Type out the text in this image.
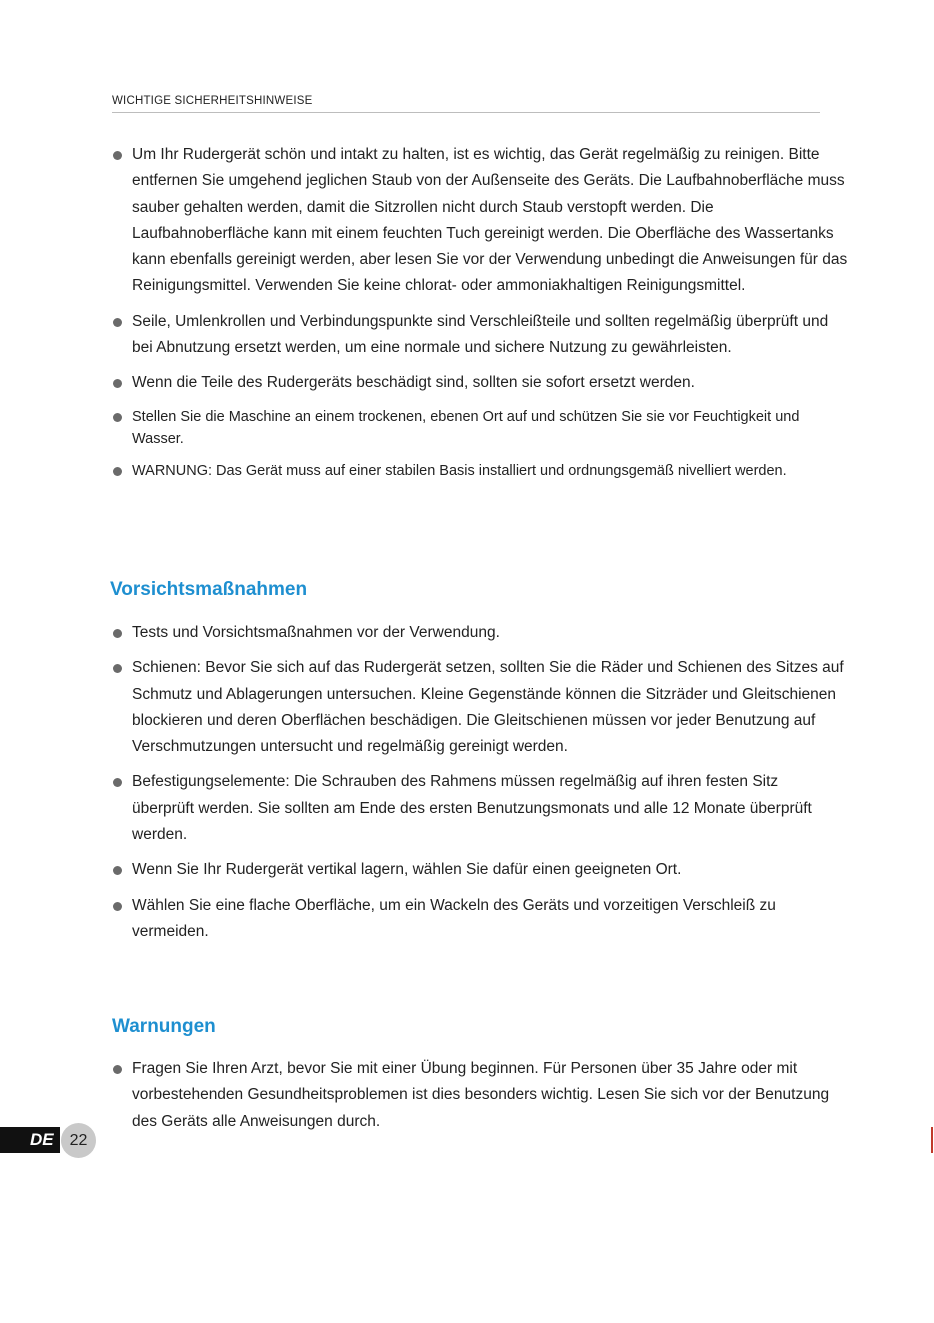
WICHTIGE SICHERHEITSHINWEISE
Um Ihr Rudergerät schön und intakt zu halten, ist es wichtig, das Gerät regelmäßig zu reinigen. Bitte entfernen Sie umgehend jeglichen Staub von der Außenseite des Geräts. Die Laufbahnoberfläche muss sauber gehalten werden, damit die Sitzrollen nicht durch Staub verstopft werden. Die Laufbahnoberfläche kann mit einem feuchten Tuch gereinigt werden. Die Oberfläche des Wassertanks kann ebenfalls gereinigt werden, aber lesen Sie vor der Verwendung unbedingt die Anweisungen für das Reinigungsmittel. Verwenden Sie keine chlorat- oder ammoniakhaltigen Reinigungsmittel.
Seile, Umlenkrollen und Verbindungspunkte sind Verschleißteile und sollten regelmäßig überprüft und bei Abnutzung ersetzt werden, um eine normale und sichere Nutzung zu gewährleisten.
Wenn die Teile des Rudergeräts beschädigt sind, sollten sie sofort ersetzt werden.
Stellen Sie die Maschine an einem trockenen, ebenen Ort auf und schützen Sie sie vor Feuchtigkeit und Wasser.
WARNUNG: Das Gerät muss auf einer stabilen Basis installiert und ordnungsgemäß nivelliert werden.
Vorsichtsmaßnahmen
Tests und Vorsichtsmaßnahmen vor der Verwendung.
Schienen: Bevor Sie sich auf das Rudergerät setzen, sollten Sie die Räder und Schienen des Sitzes auf Schmutz und Ablagerungen untersuchen. Kleine Gegenstände können die Sitzräder und Gleitschienen blockieren und deren Oberflächen beschädigen. Die Gleitschienen müssen vor jeder Benutzung auf Verschmutzungen untersucht und regelmäßig gereinigt werden.
Befestigungselemente: Die Schrauben des Rahmens müssen regelmäßig auf ihren festen Sitz überprüft werden. Sie sollten am Ende des ersten Benutzungsmonats und alle 12 Monate überprüft werden.
Wenn Sie Ihr Rudergerät vertikal lagern, wählen Sie dafür einen geeigneten Ort.
Wählen Sie eine flache Oberfläche, um ein Wackeln des Geräts und vorzeitigen Verschleiß zu vermeiden.
Warnungen
Fragen Sie Ihren Arzt, bevor Sie mit einer Übung beginnen. Für Personen über 35 Jahre oder mit vorbestehenden Gesundheitsproblemen ist dies besonders wichtig. Lesen Sie sich vor der Benutzung des Geräts alle Anweisungen durch.
DE 22
